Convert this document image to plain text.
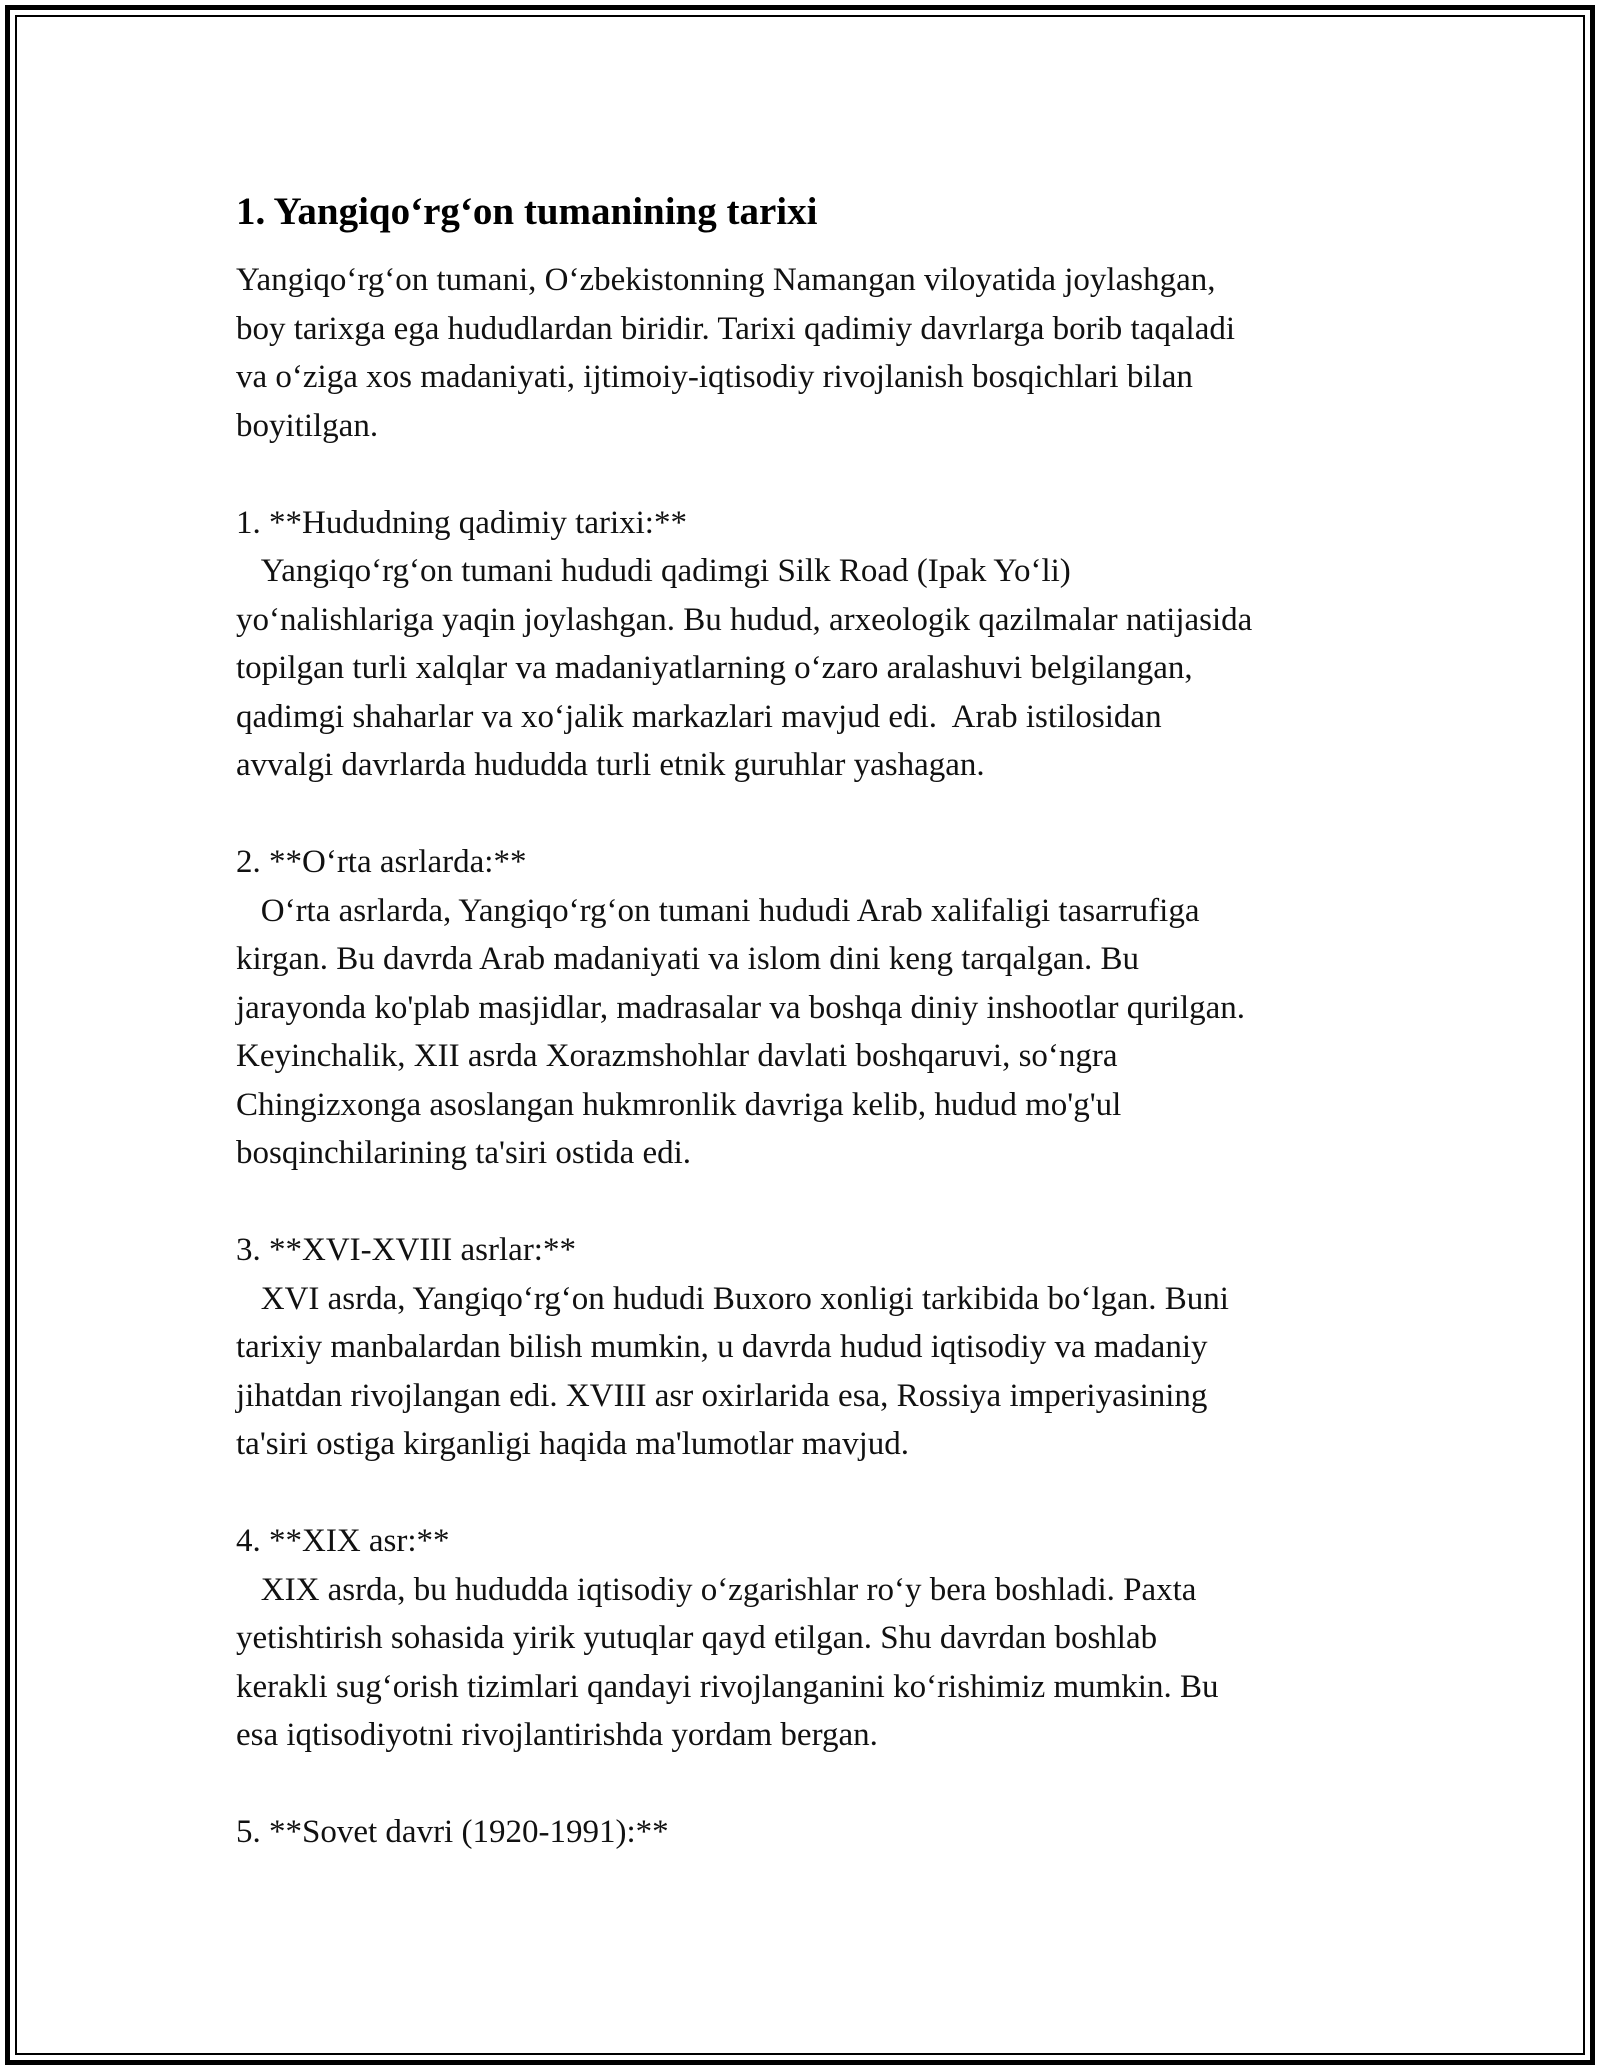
1. Yangiqo‘rg‘on tumanining tarixi

Yangiqo‘rg‘on tumani, O‘zbekistonning Namangan viloyatida joylashgan,
boy tarixga ega hududlardan biridir. Tarixi qadimiy davrlarga borib taqaladi
va o‘ziga xos madaniyati, ijtimoiy-iqtisodiy rivojlanish bosqichlari bilan
boyitilgan.

1. **Hududning qadimiy tarixi:**

Yangiqo‘rg‘on tumani hududi qadimgi Silk Road (Ipak Yo‘li)
yo‘nalishlariga yaqin joylashgan. Bu hudud, arxeologik qazilmalar natijasida
topilgan turli xalqlar va madaniyatlarning o‘zaro aralashuvi belgilangan,
qadimgi shaharlar va xo‘jalik markazlari mavjud edi.  Arab istilosidan
avvalgi davrlarda hududda turli etnik guruhlar yashagan.

2. **O‘rta asrlarda:**

O‘rta asrlarda, Yangiqo‘rg‘on tumani hududi Arab xalifaligi tasarrufiga
kirgan. Bu davrda Arab madaniyati va islom dini keng tarqalgan. Bu
jarayonda ko'plab masjidlar, madrasalar va boshqa diniy inshootlar qurilgan.
Keyinchalik, XII asrda Xorazmshohlar davlati boshqaruvi, so‘ngra
Chingizxonga asoslangan hukmronlik davriga kelib, hudud mo'g'ul
bosqinchilarining ta'siri ostida edi.

3. **XVI-XVIII asrlar:**

XVI asrda, Yangiqo‘rg‘on hududi Buxoro xonligi tarkibida bo‘lgan. Buni
tarixiy manbalardan bilish mumkin, u davrda hudud iqtisodiy va madaniy
jihatdan rivojlangan edi. XVIII asr oxirlarida esa, Rossiya imperiyasining
ta'siri ostiga kirganligi haqida ma'lumotlar mavjud.

4. **XIX asr:**

XIX asrda, bu hududda iqtisodiy o‘zgarishlar ro‘y bera boshladi. Paxta
yetishtirish sohasida yirik yutuqlar qayd etilgan. Shu davrdan boshlab
kerakli sug‘orish tizimlari qandayi rivojlanganini ko‘rishimiz mumkin. Bu
esa iqtisodiyotni rivojlantirishda yordam bergan.

5. **Sovet davri (1920-1991):**
